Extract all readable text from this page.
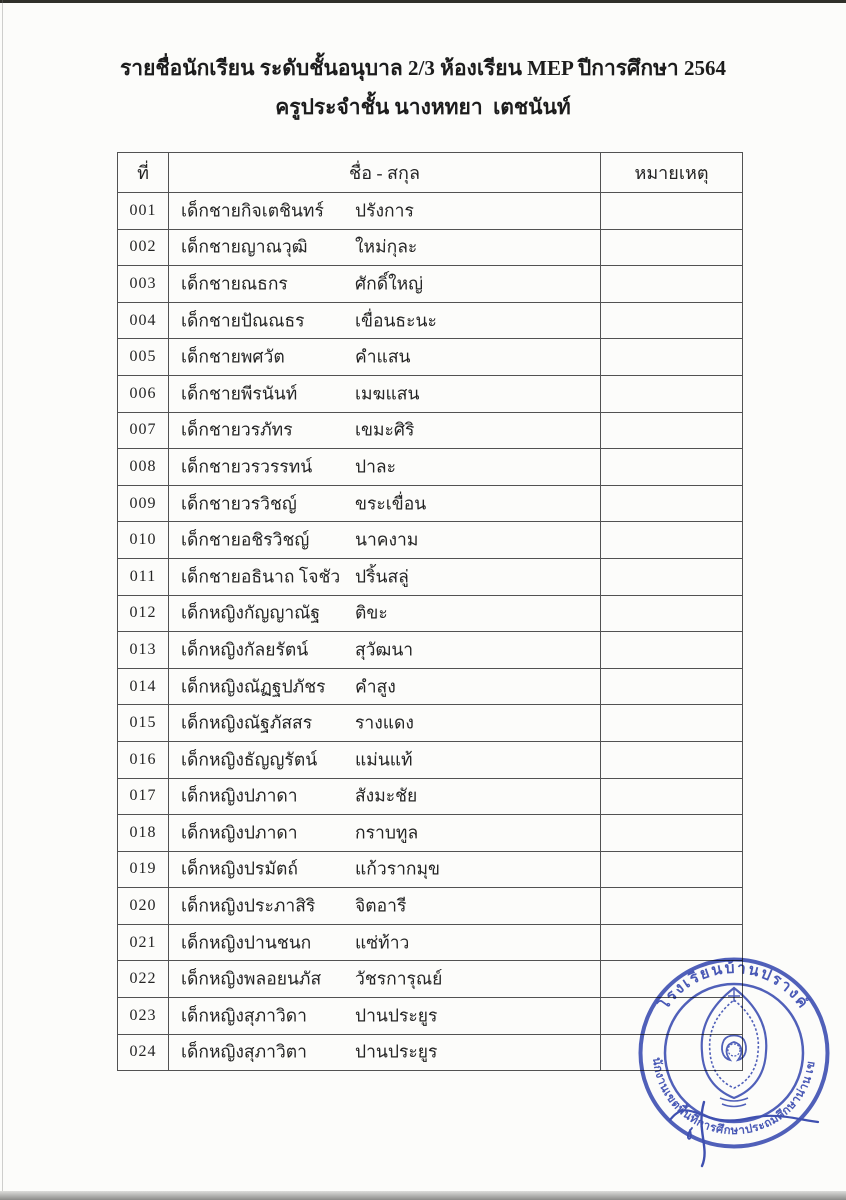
รายชื่อนักเรียน ระดับชั้นอนุบาล 2/3 ห้องเรียน MEP ปีการศึกษา 2564
ครูประจำชั้น นางหทยา  เตชนันท์
ที่	ชื่อ - สกุล	หมายเหตุ
001	เด็กชายกิจเตชินทร์ ปรังการ	

002	เด็กชายญาณวุฒิ ใหม่กุละ	

003	เด็กชายณธกร ศักดิ์ใหญ่	

004	เด็กชายปัณณธร เขื่อนธะนะ	

005	เด็กชายพศวัต คำแสน	

006	เด็กชายพีรนันท์ เมฆแสน	

007	เด็กชายวรภัทร เขมะศิริ	

008	เด็กชายวรวรรทน์ ปาละ	

009	เด็กชายวรวิชญ์ ขระเขื่อน	

010	เด็กชายอชิรวิชญ์ นาคงาม	

011	เด็กชายอธินาถ โจชัว ปริ้นสลู่	

012	เด็กหญิงกัญญาณัฐ ติขะ	

013	เด็กหญิงกัลยรัตน์ สุวัฒนา	

014	เด็กหญิงณัฏฐปภัชร คำสูง	

015	เด็กหญิงณัฐภัสสร รางแดง	

016	เด็กหญิงธัญญรัตน์ แม่นแท้	

017	เด็กหญิงปภาดา สังมะชัย	

018	เด็กหญิงปภาดา กราบทูล	

019	เด็กหญิงปรมัตถ์ แก้วรากมุข	

020	เด็กหญิงประภาสิริ จิตอารี	

021	เด็กหญิงปานชนก แซ่ท้าว	

022	เด็กหญิงพลอยนภัส วัชรการุณย์	

023	เด็กหญิงสุภาวิดา ปานประยูร	

024	เด็กหญิงสุภาวิตา ปานประยูร	

โรงเรียนบ้านปรางค์
สำนักงานเขตพื้นที่การศึกษาประถมศึกษาน่าน เขต 2
